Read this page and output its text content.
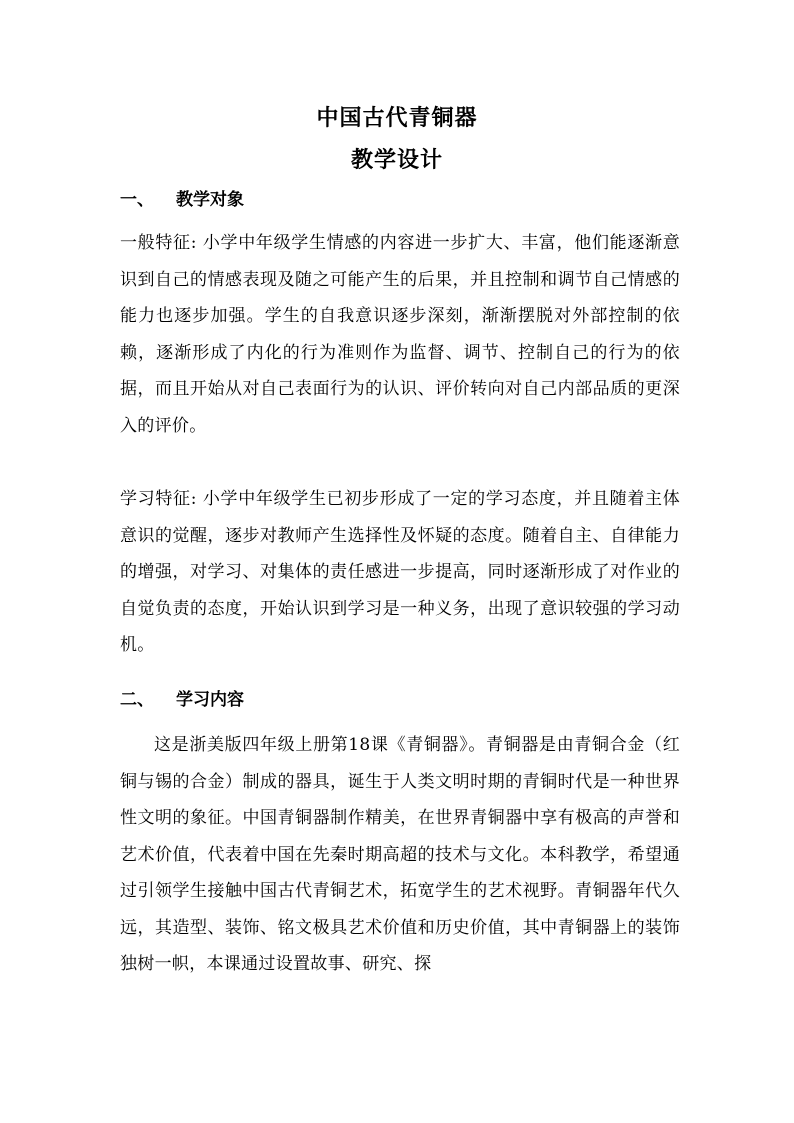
中国古代青铜器
教学设计
一、 教学对象
一般特征: 小学中年级学生情感的内容进一步扩大、丰富，他们能逐渐意识到自己的情感表现及随之可能产生的后果，并且控制和调节自己情感的能力也逐步加强。学生的自我意识逐步深刻，渐渐摆脱对外部控制的依赖，逐渐形成了内化的行为准则作为监督、调节、控制自己的行为的依据，而且开始从对自己表面行为的认识、评价转向对自己内部品质的更深入的评价。
学习特征: 小学中年级学生已初步形成了一定的学习态度，并且随着主体意识的觉醒，逐步对教师产生选择性及怀疑的态度。随着自主、自律能力的增强，对学习、对集体的责任感进一步提高，同时逐渐形成了对作业的自觉负责的态度，开始认识到学习是一种义务，出现了意识较强的学习动机。
二、 学习内容
这是浙美版四年级上册第18课《青铜器》。青铜器是由青铜合金（红铜与锡的合金）制成的器具，诞生于人类文明时期的青铜时代是一种世界性文明的象征。中国青铜器制作精美，在世界青铜器中享有极高的声誉和艺术价值，代表着中国在先秦时期高超的技术与文化。本科教学，希望通过引领学生接触中国古代青铜艺术，拓宽学生的艺术视野。青铜器年代久远，其造型、装饰、铭文极具艺术价值和历史价值，其中青铜器上的装饰独树一帜，本课通过设置故事、研究、探
